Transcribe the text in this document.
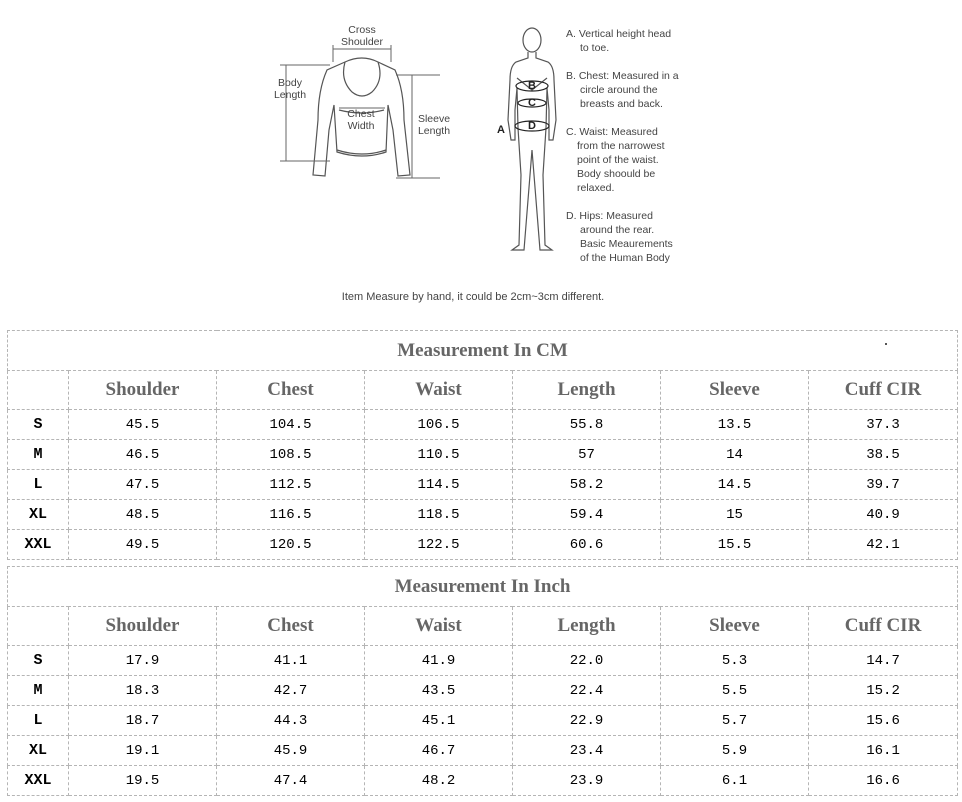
Cross
Shoulder
Body
Length
Chest
Width
Sleeve
Length	A
B
C
D
A. Vertical height head
to toe.
B. Chest: Measured in a
circle around the
breasts and back.
C. Waist: Measured
from the narrowest
point of the waist.
Body shoould be
relaxed.
D. Hips: Measured
around the rear.
Basic Meaurements
of the Human Body
Item Measure by hand, it could be 2cm~3cm different.
Measurement In CM						
	Shoulder	Chest	Waist	Length	Sleeve	Cuff CIR
S	45.5	104.5	106.5	55.8	13.5	37.3
M	46.5	108.5	110.5	57	14	38.5
L	47.5	112.5	114.5	58.2	14.5	39.7
XL	48.5	116.5	118.5	59.4	15	40.9
XXL	49.5	120.5	122.5	60.6	15.5	42.1
Measurement In Inch						
	Shoulder	Chest	Waist	Length	Sleeve	Cuff CIR
S	17.9	41.1	41.9	22.0	5.3	14.7
M	18.3	42.7	43.5	22.4	5.5	15.2
L	18.7	44.3	45.1	22.9	5.7	15.6
XL	19.1	45.9	46.7	23.4	5.9	16.1
XXL	19.5	47.4	48.2	23.9	6.1	16.6
